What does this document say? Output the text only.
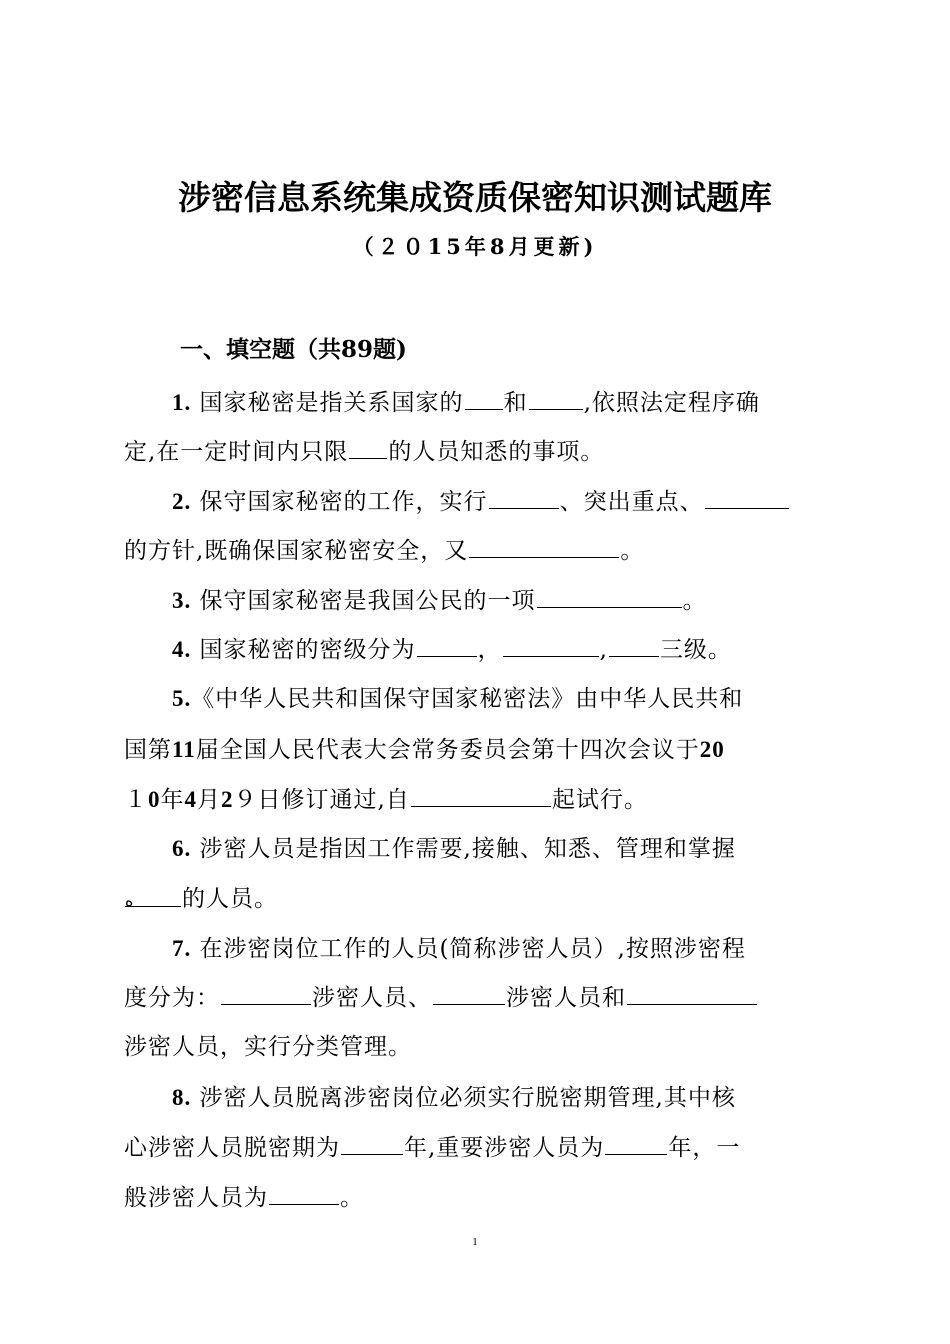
涉密信息系统集成资质保密知识测试题库
（２０15年8月更新)
一、填空题（共89题)
1. 国家秘密是指关系国家的 和 ,依照法定程序确
定,在一定时间内只限 的人员知悉的事项。
2. 保守国家秘密的工作，实行	、突出重点、
的方针,既确保国家秘密安全，又	。
3. 保守国家秘密是我国公民的一项	。
4. 国家秘密的密级分为	，	, 三级。
5.《中华人民共和国保守国家秘密法》由中华人民共和
国第11届全国人民代表大会常务委员会第十四次会议于20
１0年4月2９日修订通过,自	起试行。
6. 涉密人员是指因工作需要,接触、知悉、管理和掌握
ه 的人员。
7. 在涉密岗位工作的人员(简称涉密人员）,按照涉密程
度分为：	涉密人员、	涉密人员和
涉密人员，实行分类管理。
8. 涉密人员脱离涉密岗位必须实行脱密期管理,其中核
心涉密人员脱密期为	年,重要涉密人员为	年，一
般涉密人员为	。
1
